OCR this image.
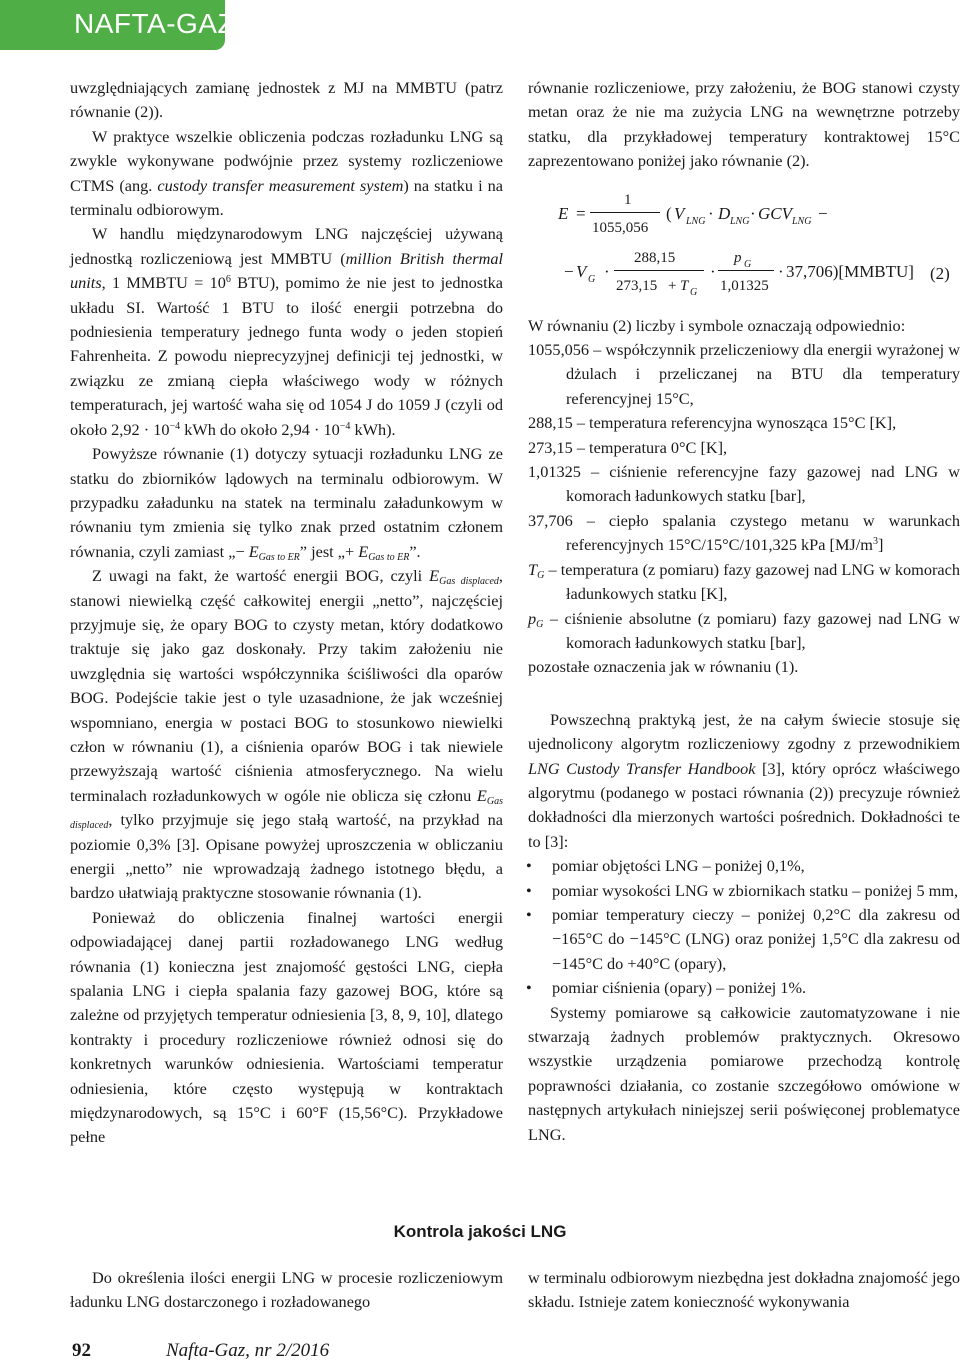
NAFTA-GAZ

uwzględniających zamianę jednostek z MJ na MMBTU (patrz równanie (2)).

W praktyce wszelkie obliczenia podczas rozładunku LNG są zwykle wykonywane podwójnie przez systemy rozliczeniowe CTMS (ang. custody transfer measurement system) na statku i na terminalu odbiorowym.

W handlu międzynarodowym LNG najczęściej używaną jednostką rozliczeniową jest MMBTU (million British thermal units, 1 MMBTU = $10^6$ BTU), pomimo że nie jest to jednostka układu SI. Wartość 1 BTU to ilość energii potrzebna do podniesienia temperatury jednego funta wody o jeden stopień Fahrenheita. Z powodu nieprecyzyjnej definicji tej jednostki, w związku ze zmianą ciepła właściwego wody w różnych temperaturach, jej wartość waha się od 1054 J do 1059 J (czyli od około $2,92 \cdot 10^{-4}$ kWh do około $2,94 \cdot 10^{-4}$ kWh).

Powyższe równanie (1) dotyczy sytuacji rozładunku LNG ze statku do zbiorników lądowych na terminalu odbiorowym. W przypadku załadunku na statek na terminalu załadunkowym w równaniu tym zmienia się tylko znak przed ostatnim członem równania, czyli zamiast „− $E_{Gas to ER}$” jest „+ $E_{Gas to ER}$”.

Z uwagi na fakt, że wartość energii BOG, czyli $E_{Gas displaced}$, stanowi niewielką część całkowitej energii „netto”, najczęściej przyjmuje się, że opary BOG to czysty metan, który dodatkowo traktuje się jako gaz doskonały. Przy takim założeniu nie uwzględnia się wartości współczynnika ściśliwości dla oparów BOG. Podejście takie jest o tyle uzasadnione, że jak wcześniej wspomniano, energia w postaci BOG to stosunkowo niewielki człon w równaniu (1), a ciśnienia oparów BOG i tak niewiele przewyższają wartość ciśnienia atmosferycznego. Na wielu terminalach rozładunkowych w ogóle nie oblicza się członu $E_{Gas displaced}$, tylko przyjmuje się jego stałą wartość, na przykład na poziomie 0,3% [3]. Opisane powyżej uproszczenia w obliczaniu energii „netto” nie wprowadzają żadnego istotnego błędu, a bardzo ułatwiają praktyczne stosowanie równania (1).

Ponieważ do obliczenia finalnej wartości energii odpowiadającej danej partii rozładowanego LNG według równania (1) konieczna jest znajomość gęstości LNG, ciepła spalania LNG i ciepła spalania fazy gazowej BOG, które są zależne od przyjętych temperatur odniesienia [3, 8, 9, 10], dlatego kontrakty i procedury rozliczeniowe również odnosi się do konkretnych warunków odniesienia. Wartościami temperatur odniesienia, które często występują w kontraktach międzynarodowych, są 15°C i 60°F (15,56°C). Przykładowe pełne

równanie rozliczeniowe, przy założeniu, że BOG stanowi czysty metan oraz że nie ma zużycia LNG na wewnętrzne potrzeby statku, dla przykładowej temperatury kontraktowej 15°C zaprezentowano poniżej jako równanie (2).

E =
1
1055,056
( V LNG · D LNG · GCV LNG −
− V G ·
288,15
273,15 + T G
·
p G
1,01325
· 37,706)[MMBTU] (2)

W równaniu (2) liczby i symbole oznaczają odpowiednio:

1055,056 – współczynnik przeliczeniowy dla energii wyrażonej w dżulach i przeliczanej na BTU dla temperatury referencyjnej 15°C,

288,15 – temperatura referencyjna wynosząca 15°C [K],

273,15 – temperatura 0°C [K],

1,01325 – ciśnienie referencyjne fazy gazowej nad LNG w komorach ładunkowych statku [bar],

37,706 – ciepło spalania czystego metanu w warunkach referencyjnych 15°C/15°C/101,325 kPa $[MJ/m^3]$

$T_G$ – temperatura (z pomiaru) fazy gazowej nad LNG w komorach ładunkowych statku [K],

$p_G$ – ciśnienie absolutne (z pomiaru) fazy gazowej nad LNG w komorach ładunkowych statku [bar],

pozostałe oznaczenia jak w równaniu (1).

Powszechną praktyką jest, że na całym świecie stosuje się ujednolicony algorytm rozliczeniowy zgodny z przewodnikiem LNG Custody Transfer Handbook [3], który oprócz właściwego algorytmu (podanego w postaci równania (2)) precyzuje również dokładności dla mierzonych wartości pośrednich. Dokładności te to [3]:

• pomiar objętości LNG – poniżej 0,1%,
• pomiar wysokości LNG w zbiornikach statku – poniżej 5 mm,
• pomiar temperatury cieczy – poniżej 0,2°C dla zakresu od −165°C do −145°C (LNG) oraz poniżej 1,5°C dla zakresu od −145°C do +40°C (opary),
• pomiar ciśnienia (opary) – poniżej 1%.

Systemy pomiarowe są całkowicie zautomatyzowane i nie stwarzają żadnych problemów praktycznych. Okresowo wszystkie urządzenia pomiarowe przechodzą kontrolę poprawności działania, co zostanie szczegółowo omówione w następnych artykułach niniejszej serii poświęconej problematyce LNG.

Kontrola jakości LNG
Do określenia ilości energii LNG w procesie rozliczeniowym ładunku LNG dostarczonego i rozładowanego
w terminalu odbiorowym niezbędna jest dokładna znajomość jego składu. Istnieje zatem konieczność wykonywania
92	Nafta-Gaz, nr 2/2016
